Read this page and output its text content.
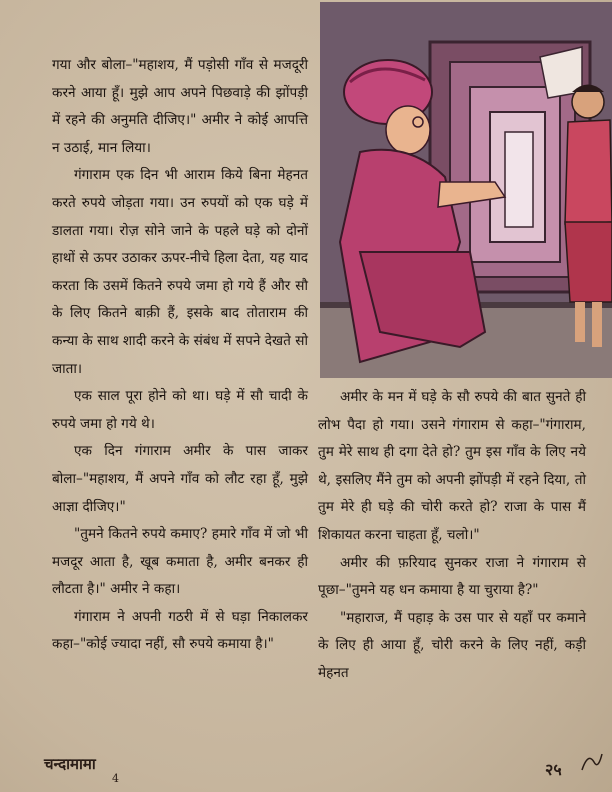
गया और बोला–"महाशय, मैं पड़ोसी गाँव से मजदूरी करने आया हूँ। मुझे आप अपने पिछवाड़े की झोंपड़ी में रहने की अनुमति दीजिए।" अमीर ने कोई आपत्ति न उठाई, मान लिया।

गंगाराम एक दिन भी आराम किये बिना मेहनत करते रुपये जोड़ता गया। उन रुपयों को एक घड़े में डालता गया। रोज़ सोने जाने के पहले घड़े को दोनों हाथों से ऊपर उठाकर ऊपर-नीचे हिला देता, यह याद करता कि उसमें कितने रुपये जमा हो गये हैं और सौ के लिए कितने बाक़ी हैं, इसके बाद तोताराम की कन्या के साथ शादी करने के संबंध में सपने देखते सो जाता।

एक साल पूरा होने को था। घड़े में सौ चादी के रुपये जमा हो गये थे।

एक दिन गंगाराम अमीर के पास जाकर बोला–"महाशय, मैं अपने गाँव को लौट रहा हूँ, मुझे आज्ञा दीजिए।"

"तुमने कितने रुपये कमाए? हमारे गाँव में जो भी मजदूर आता है, खूब कमाता है, अमीर बनकर ही लौटता है।" अमीर ने कहा।

गंगाराम ने अपनी गठरी में से घड़ा निकालकर कहा–"कोई ज्यादा नहीं, सौ रुपये कमाया है।"

अमीर के मन में घड़े के सौ रुपये की बात सुनते ही लोभ पैदा हो गया। उसने गंगाराम से कहा–"गंगाराम, तुम मेरे साथ ही दगा देते हो? तुम इस गाँव के लिए नये थे, इसलिए मैंने तुम को अपनी झोंपड़ी में रहने दिया, तो तुम मेरे ही घड़े की चोरी करते हो? राजा के पास मैं शिकायत करना चाहता हूँ, चलो।"

अमीर की फ़रियाद सुनकर राजा ने गंगाराम से पूछा–"तुमने यह धन कमाया है या चुराया है?"

"महाराज, मैं पहाड़ के उस पार से यहाँ पर कमाने के लिए ही आया हूँ, चोरी करने के लिए नहीं, कड़ी मेहनत

चन्दामामा
4	२५
